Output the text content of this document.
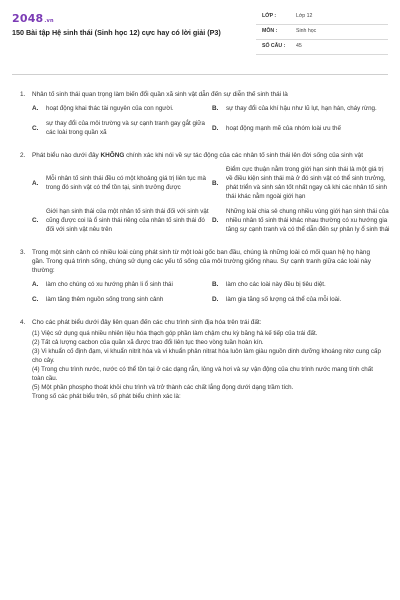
2048.vn
150 Bài tập Hệ sinh thái (Sinh học 12) cực hay có lời giải (P3)
LỚP :	Lớp 12
MÔN :	Sinh học
SỐ CÂU : 45
1.	Nhân tố sinh thái quan trọng làm biến đổi quần xã sinh vật dẫn đến sự diễn thế sinh thái là
A.	hoạt động khai thác tài nguyên của con người.	B.	sự thay đổi của khí hậu như lũ lụt, hạn hán, cháy rừng.
C.
sự thay đổi của môi trường và sự cạnh tranh gay gắt giữa các loài trong quần xã
D.	hoạt động mạnh mẽ của nhóm loài ưu thế
2.	Phát biểu nào dưới đây KHÔNG chính xác khi nói về sự tác động của các nhân tố sinh thái lên đời sống của sinh vật
A.
Mỗi nhân tố sinh thái đều có một khoảng giá trị liên tục mà trong đó sinh vật có thể tồn tại, sinh trưởng được
B.
Điểm cực thuận nằm trong giới hạn sinh thái là một giá trị về điều kiện sinh thái mà ở đó sinh vật có thể sinh trưởng, phát triển và sinh sản tốt nhất ngay cả khi các nhân tố sinh thái khác nằm ngoài giới hạn
C.
Giới hạn sinh thái của một nhân tố sinh thái đối với sinh vật cũng được coi là ổ sinh thái riêng của nhân tố sinh thái đó đối với sinh vật nêu trên
D.
Những loài chia sẻ chung nhiều vùng giới hạn sinh thái của nhiều nhân tố sinh thái khác nhau thường có xu hướng gia tăng sự cạnh tranh và có thể dẫn đến sự phân ly ổ sinh thái
3.	Trong một sinh cảnh có nhiều loài cùng phát sinh từ một loài gốc ban đầu, chúng là những loài có mối quan hệ họ hàng gần. Trong quá trình sống, chúng sử dụng các yếu tố sống của môi trường giống nhau. Sự cạnh tranh giữa các loài này thường:
A.	làm cho chúng có xu hướng phân li ổ sinh thái	B.	làm cho các loài này đều bị tiêu diệt.
C.	làm tăng thêm nguồn sống trong sinh cảnh	D.	làm gia tăng số lượng cá thể của mỗi loài.
4.	Cho các phát biểu dưới đây liên quan đến các chu trình sinh địa hóa trên trái đất:
(1) Việc sử dụng quá nhiều nhiên liệu hóa thạch góp phần làm chậm chu kỳ băng hà kế tiếp của trái đất.
(2) Tất cả lượng cacbon của quần xã được trao đổi liên tục theo vòng tuần hoàn kín.
(3) Vi khuẩn cố định đạm, vi khuẩn nitrit hóa và vi khuẩn phản nitrat hóa luôn làm giàu nguồn dinh dưỡng khoáng nitơ cung cấp cho cây.
(4) Trong chu trình nước, nước có thể tồn tại ở các dạng rắn, lỏng và hơi và sự vận động của chu trình nước mang tính chất toàn cầu.
(5) Một phần phospho thoát khỏi chu trình và trở thành các chất lắng đọng dưới dạng trầm tích.
Trong số các phát biểu trên, số phát biểu chính xác là:
